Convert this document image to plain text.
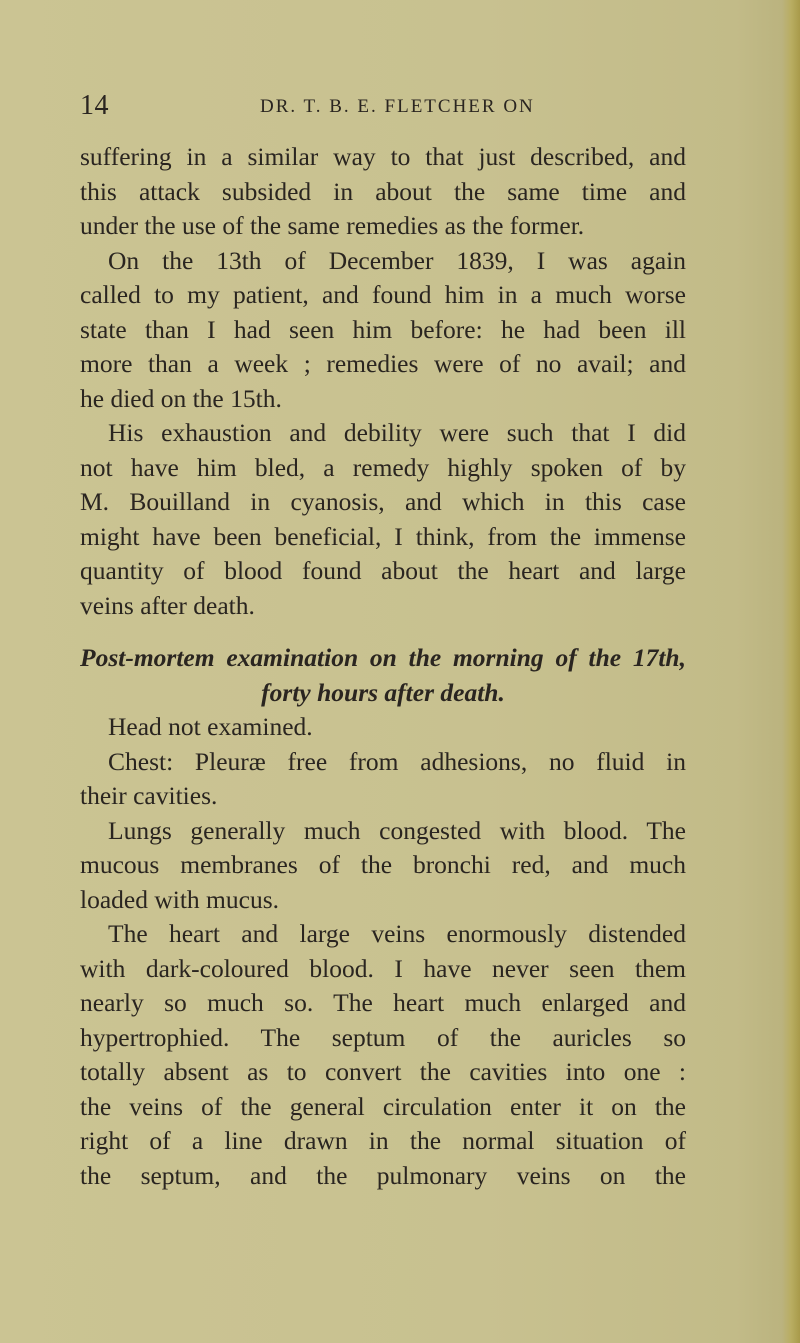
14	DR. T. B. E. FLETCHER ON
suffering in a similar way to that just described, and
this attack subsided in about the same time and
under the use of the same remedies as the former.
On the 13th of December 1839, I was again
called to my patient, and found him in a much worse
state than I had seen him before: he had been ill
more than a week ; remedies were of no avail; and
he died on the 15th.
His exhaustion and debility were such that I did
not have him bled, a remedy highly spoken of by
M. Bouilland in cyanosis, and which in this case
might have been beneficial, I think, from the immense
quantity of blood found about the heart and large
veins after death.
Post-mortem examination on the morning of the 17th,
forty hours after death.
Head not examined.
Chest: Pleuræ free from adhesions, no fluid in
their cavities.
Lungs generally much congested with blood. The
mucous membranes of the bronchi red, and much
loaded with mucus.
The heart and large veins enormously distended
with dark-coloured blood. I have never seen them
nearly so much so. The heart much enlarged and
hypertrophied. The septum of the auricles so
totally absent as to convert the cavities into one :
the veins of the general circulation enter it on the
right of a line drawn in the normal situation of
the septum, and the pulmonary veins on the
